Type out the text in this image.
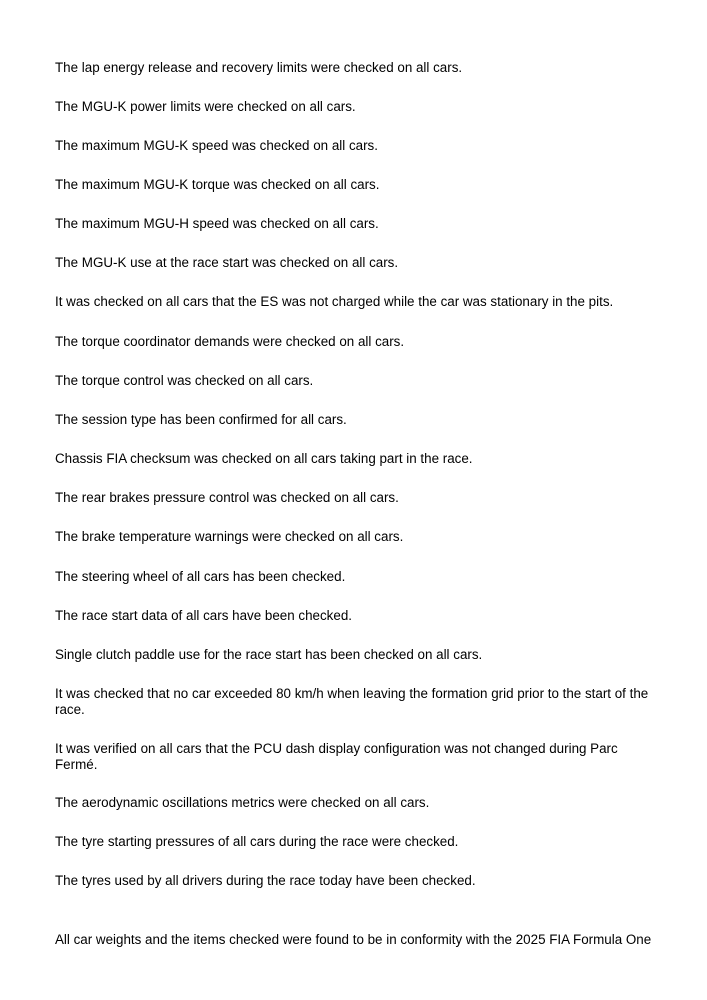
The lap energy release and recovery limits were checked on all cars.
The MGU-K power limits were checked on all cars.
The maximum MGU-K speed was checked on all cars.
The maximum MGU-K torque was checked on all cars.
The maximum MGU-H speed was checked on all cars.
The MGU-K use at the race start was checked on all cars.
It was checked on all cars that the ES was not charged while the car was stationary in the pits.
The torque coordinator demands were checked on all cars.
The torque control was checked on all cars.
The session type has been confirmed for all cars.
Chassis FIA checksum was checked on all cars taking part in the race.
The rear brakes pressure control was checked on all cars.
The brake temperature warnings were checked on all cars.
The steering wheel of all cars has been checked.
The race start data of all cars have been checked.
Single clutch paddle use for the race start has been checked on all cars.
It was checked that no car exceeded 80 km/h when leaving the formation grid prior to the start of the race.
It was verified on all cars that the PCU dash display configuration was not changed during Parc Fermé.
The aerodynamic oscillations metrics were checked on all cars.
The tyre starting pressures of all cars during the race were checked.
The tyres used by all drivers during the race today have been checked.
All car weights and the items checked were found to be in conformity with the 2025 FIA Formula One
